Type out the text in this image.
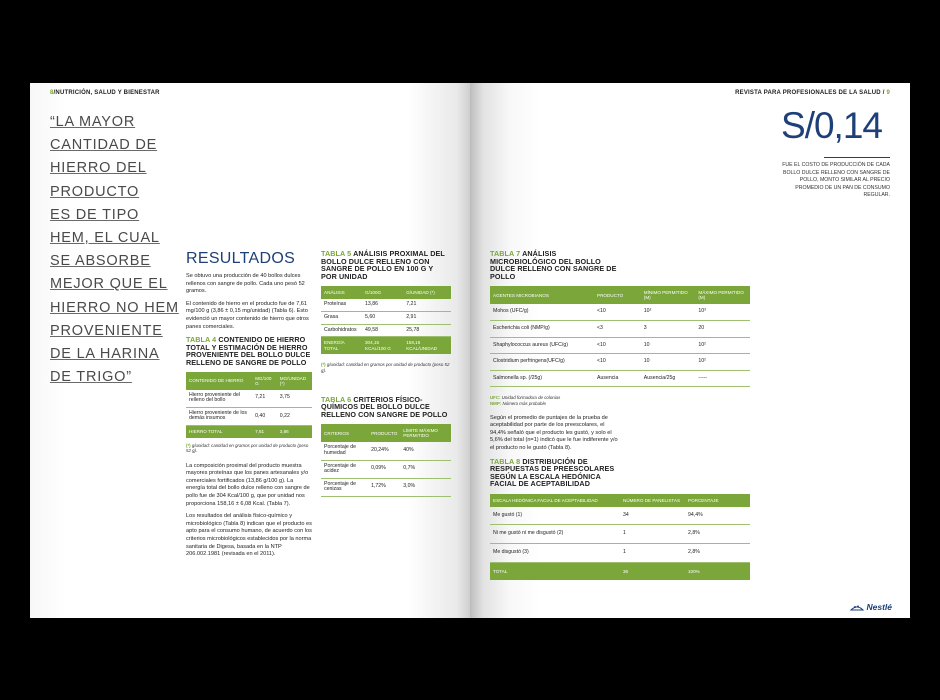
8/NUTRICIÓN, SALUD Y BIENESTAR
“LA MAYOR
CANTIDAD DE
HIERRO DEL
PRODUCTO
ES DE TIPO
HEM, EL CUAL
SE ABSORBE
MEJOR QUE EL
HIERRO NO HEM
PROVENIENTE
DE LA HARINA
DE TRIGO”
RESULTADOS

Se obtuvo una producción de 40 bollos dulces rellenos con sangre de pollo. Cada uno pesó 52 gramos.

El contenido de hierro en el producto fue de 7,61 mg/100 g (3,86 ± 0,15 mg/unidad) (Tabla 6). Esto evidenció un mayor contenido de hierro que otros panes comerciales.

TABLA 4 CONTENIDO DE HIERRO TOTAL Y ESTIMACIÓN DE HIERRO PROVENIENTE DEL BOLLO DULCE RELLENO DE SANGRE DE POLLO
CONTENIDO DE HIERRO	MG/100 G	MG/UNIDAD (*)
Hierro proveniente del relleno del bollo	7,21	3,75
Hierro proveniente de los demás insumos	0,40	0,22
HIERRO TOTAL	7,61	3,86
(*) g/unidad: cantidad en gramos por unidad de producto (peso 52 g).

La composición proximal del producto muestra mayores proteínas que los panes artesanales y/o comerciales fortificados (13,86 g/100 g). La energía total del bollo dulce relleno con sangre de pollo fue de 304 Kcal/100 g, que por unidad nos proporciona 158,16 ± 6,08 Kcal. (Tabla 7).

Los resultados del análisis físico-químico y microbiológico (Tabla 8) indican que el producto es apto para el consumo humano, de acuerdo con los criterios microbiológicos establecidos por la norma sanitaria de Digesa, basada en la NTP 206.002.1981 (revisada en el 2011).

TABLA 5 ANÁLISIS PROXIMAL DEL BOLLO DULCE RELLENO CON SANGRE DE POLLO EN 100 G Y POR UNIDAD
ANÁLISIS	G/100G	G/UNIDAD (*)
Proteínas	13,86	7,21
Grasa	5,60	2,91
Carbohidratos	49,58	25,78
ENERGÍA TOTAL	304,15 KCAL/100 G	158,16 KCAL/UNIDAD
(*) g/unidad: cantidad en gramos por unidad de producto (peso 52 g).
TABLA 6 CRITERIOS FÍSICO-QUÍMICOS DEL BOLLO DULCE RELLENO CON SANGRE DE POLLO
CRITERIOS	PRODUCTO	LÍMITE MÁXIMO PERMITIDO
Porcentaje de humedad	20,24%	40%
Porcentaje de acidez	0,09%	0,7%
Porcentaje de cenizas	1,72%	3,0%
REVISTA PARA PROFESIONALES DE LA SALUD / 9
S/0,14
FUE EL COSTO DE PRODUCCIÓN DE CADA BOLLO DULCE RELLENO CON SANGRE DE POLLO, MONTO SIMILAR AL PRECIO PROMEDIO DE UN PAN DE CONSUMO REGULAR.
TABLA 7 ANÁLISIS MICROBIOLÓGICO DEL BOLLO DULCE RELLENO CON SANGRE DE POLLO
AGENTES MICROBIANOS	PRODUCTO	MÍNIMO PERMITIDO (M)	MÁXIMO PERMITIDO (M)
Mohos (UFC/g)	<10	10²	10³
Escherichia coli (NMP/g)	<3	3	20
Shaphylococcus aureus (UFC/g)	<10	10	10²
Clostridium perfringens(UFC/g)	<10	10	10²
Salmonella sp. (/25g)	Ausencia	Ausencia/25g	-----
UFC: Unidad formadora de colonias
NMP: Número más probable

Según el promedio de puntajes de la prueba de aceptabilidad por parte de los preescolares, el 94,4% señaló que el producto les gustó, y solo el 5,6% del total (n=1) indicó que le fue indiferente y/o el producto no le gustó (Tabla 8).

TABLA 8 DISTRIBUCIÓN DE RESPUESTAS DE PREESCOLARES SEGÚN LA ESCALA HEDÓNICA FACIAL DE ACEPTABILIDAD
ESCALA HEDÓNICA FACIAL DE ACEPTABILIDAD	NÚMERO DE PANELISTAS	PORCENTAJE
Me gustó (1)	34	94,4%
Ni me gustó ni me disgustó (2)	1	2,8%
Me disgustó (3)	1	2,8%
TOTAL	36	100%
Nestlé
